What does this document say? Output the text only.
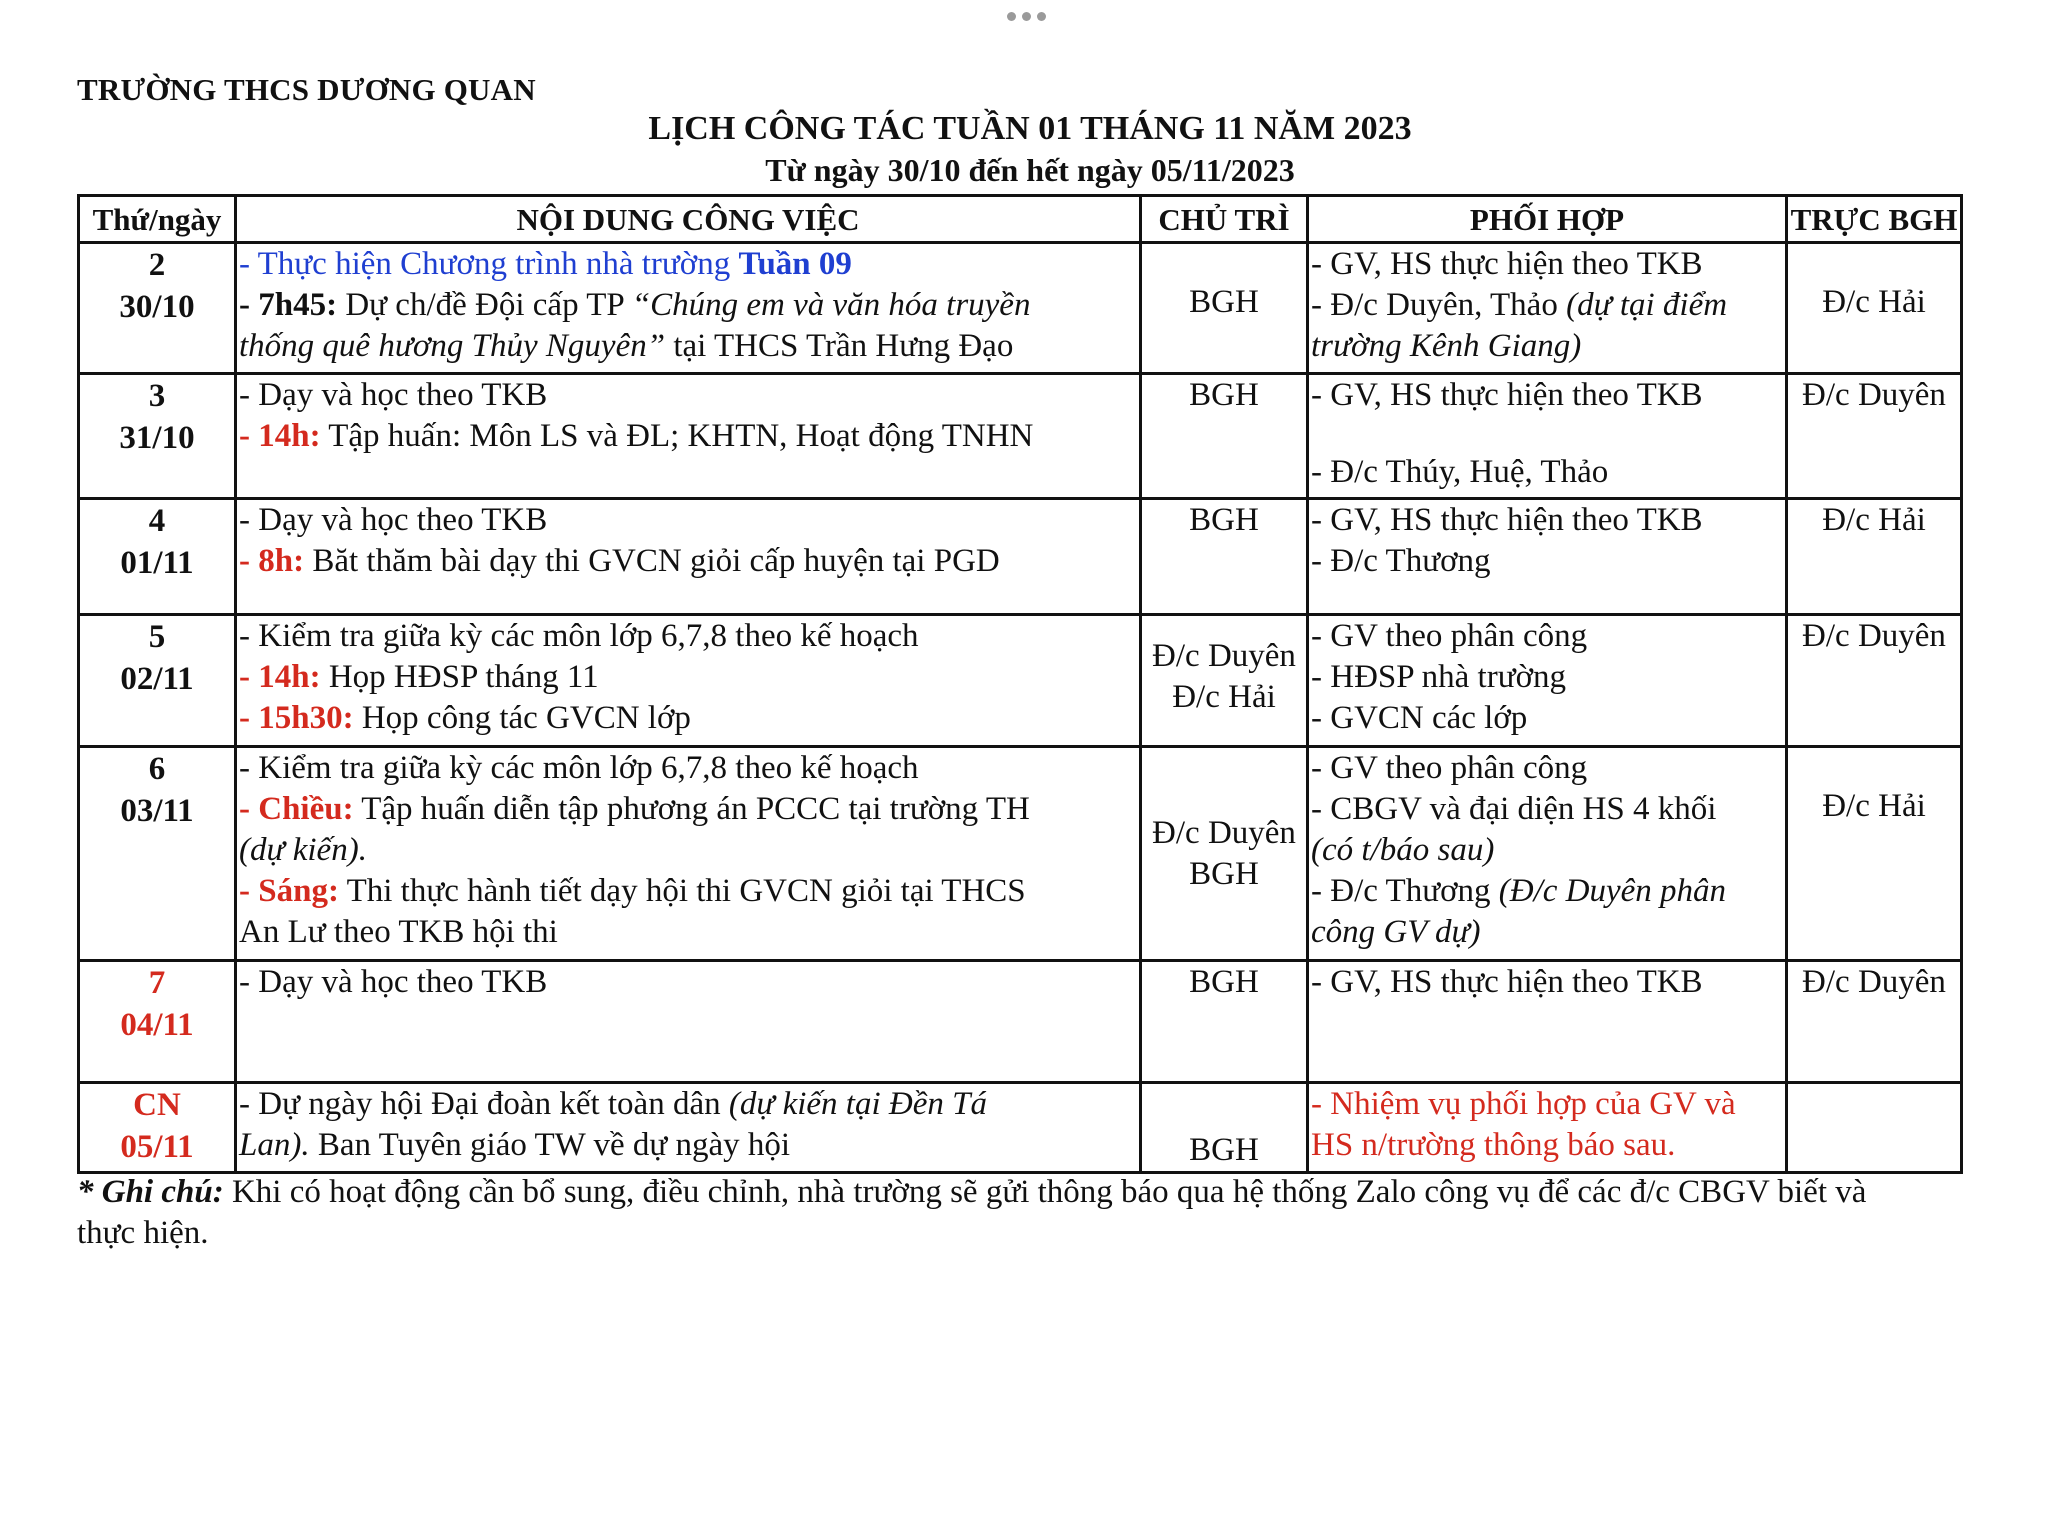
TRƯỜNG THCS DƯƠNG QUAN
LỊCH CÔNG TÁC TUẦN 01 THÁNG 11 NĂM 2023
Từ ngày 30/10 đến hết ngày 05/11/2023
Thứ/ngày	NỘI DUNG CÔNG VIỆC	CHỦ TRÌ	PHỐI HỢP	TRỰC BGH

2
30/10	- Thực hiện Chương trình nhà trường Tuần 09
- 7h45: Dự ch/đề Đội cấp TP “Chúng em và văn hóa truyền
thống quê hương Thủy Nguyên” tại THCS Trần Hưng Đạo	BGH	- GV, HS thực hiện theo TKB
- Đ/c Duyên, Thảo (dự tại điểm
trường Kênh Giang)	Đ/c Hải

3
31/10	- Dạy và học theo TKB
- 14h: Tập huấn: Môn LS và ĐL; KHTN, Hoạt động TNHN	BGH	- GV, HS thực hiện theo TKB
- Đ/c Thúy, Huệ, Thảo	Đ/c Duyên

4
01/11	- Dạy và học theo TKB
- 8h: Băt thăm bài dạy thi GVCN giỏi cấp huyện tại PGD	BGH	- GV, HS thực hiện theo TKB
- Đ/c Thương	Đ/c Hải

5
02/11	- Kiểm tra giữa kỳ các môn lớp 6,7,8 theo kế hoạch
- 14h: Họp HĐSP tháng 11
- 15h30: Họp công tác GVCN lớp	Đ/c Duyên
Đ/c Hải	- GV theo phân công
- HĐSP nhà trường
- GVCN các lớp	Đ/c Duyên

6
03/11	- Kiểm tra giữa kỳ các môn lớp 6,7,8 theo kế hoạch
- Chiều: Tập huấn diễn tập phương án PCCC tại trường TH
(dự kiến).
- Sáng: Thi thực hành tiết dạy hội thi GVCN giỏi tại THCS
An Lư theo TKB hội thi	Đ/c Duyên
BGH	- GV theo phân công
- CBGV và đại diện HS 4 khối
(có t/báo sau)
- Đ/c Thương (Đ/c Duyên phân
công GV dự)	Đ/c Hải

7
04/11	- Dạy và học theo TKB	BGH	- GV, HS thực hiện theo TKB	Đ/c Duyên

CN
05/11	- Dự ngày hội Đại đoàn kết toàn dân (dự kiến tại Đền Tá
Lan). Ban Tuyên giáo TW về dự ngày hội	BGH	- Nhiệm vụ phối hợp của GV và
HS n/trường thông báo sau.	

* Ghi chú: Khi có hoạt động cần bổ sung, điều chỉnh, nhà trường sẽ gửi thông báo qua hệ thống Zalo công vụ để các đ/c CBGV biết và
thực hiện.
